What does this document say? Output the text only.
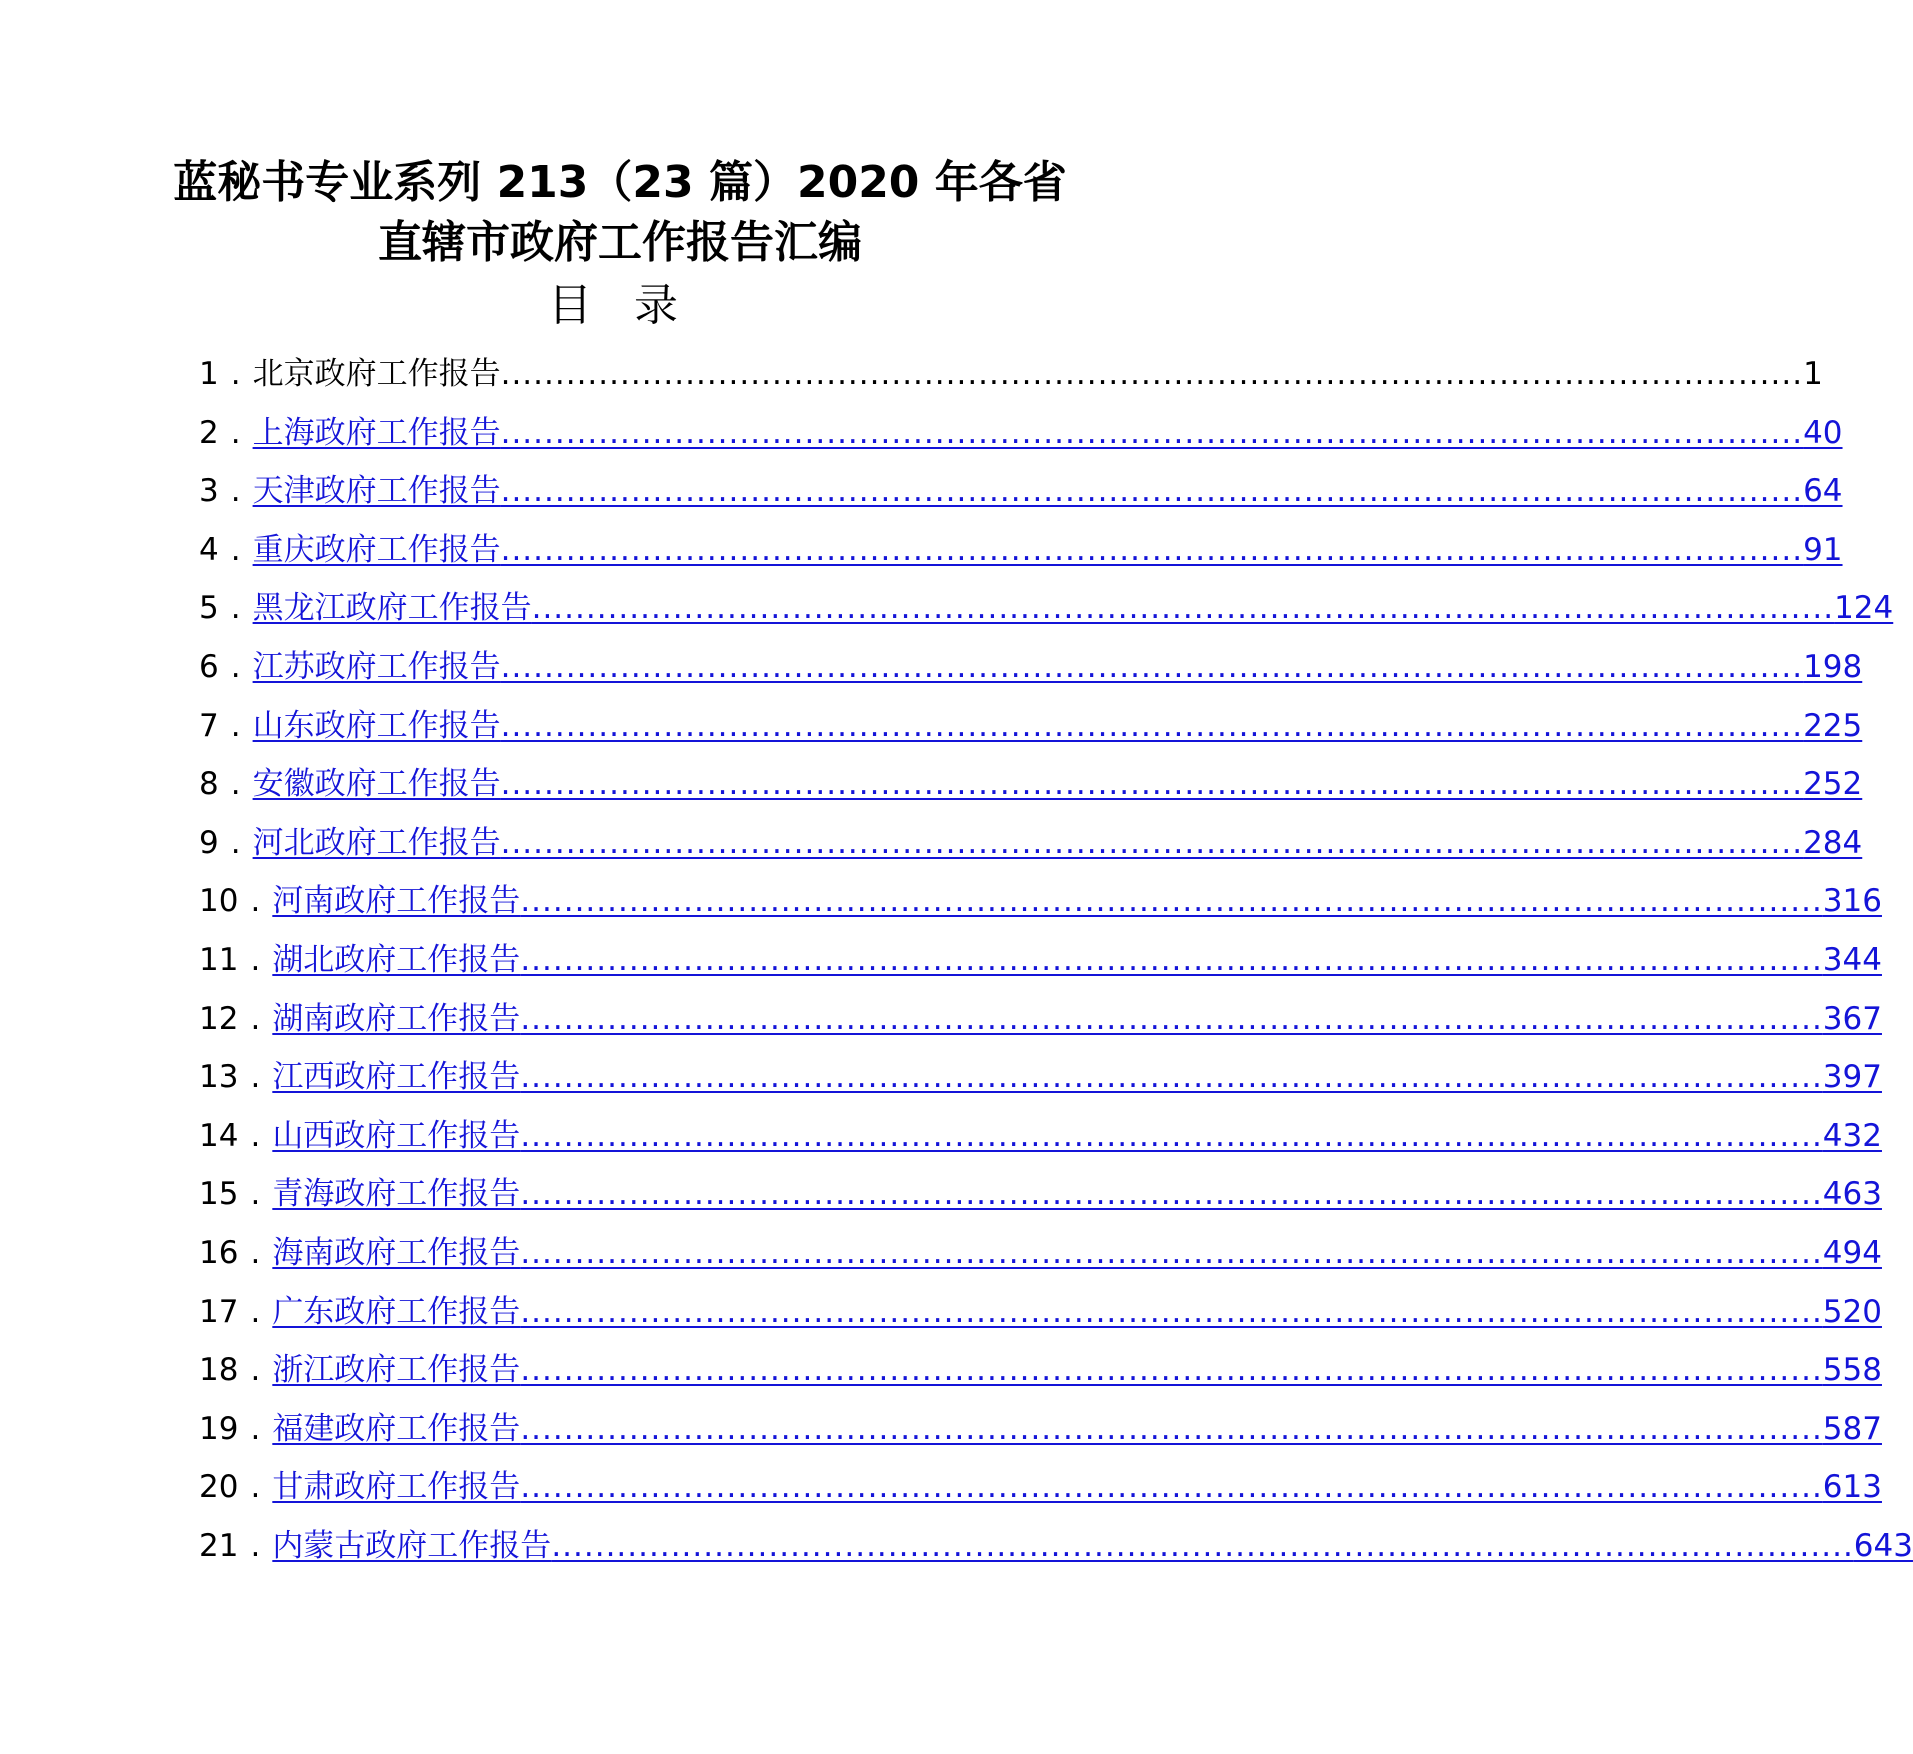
蓝秘书专业系列 213（23 篇）2020 年各省
直辖市政府工作报告汇编
目 录
1 . 北京政府工作报告 ........................................................................................................................ 1
2 . 上海政府工作报告 ........................................................................................................................ 40
3 . 天津政府工作报告 ........................................................................................................................ 64
4 . 重庆政府工作报告 ........................................................................................................................ 91
5 . 黑龙江政府工作报告 ........................................................................................................................ 124
6 . 江苏政府工作报告 ........................................................................................................................ 198
7 . 山东政府工作报告 ........................................................................................................................ 225
8 . 安徽政府工作报告 ........................................................................................................................ 252
9 . 河北政府工作报告 ........................................................................................................................ 284
10 . 河南政府工作报告 ........................................................................................................................ 316
11 . 湖北政府工作报告 ........................................................................................................................ 344
12 . 湖南政府工作报告 ........................................................................................................................ 367
13 . 江西政府工作报告 ........................................................................................................................ 397
14 . 山西政府工作报告 ........................................................................................................................ 432
15 . 青海政府工作报告 ........................................................................................................................ 463
16 . 海南政府工作报告 ........................................................................................................................ 494
17 . 广东政府工作报告 ........................................................................................................................ 520
18 . 浙江政府工作报告 ........................................................................................................................ 558
19 . 福建政府工作报告 ........................................................................................................................ 587
20 . 甘肃政府工作报告 ........................................................................................................................ 613
21 . 内蒙古政府工作报告 ........................................................................................................................ 643
